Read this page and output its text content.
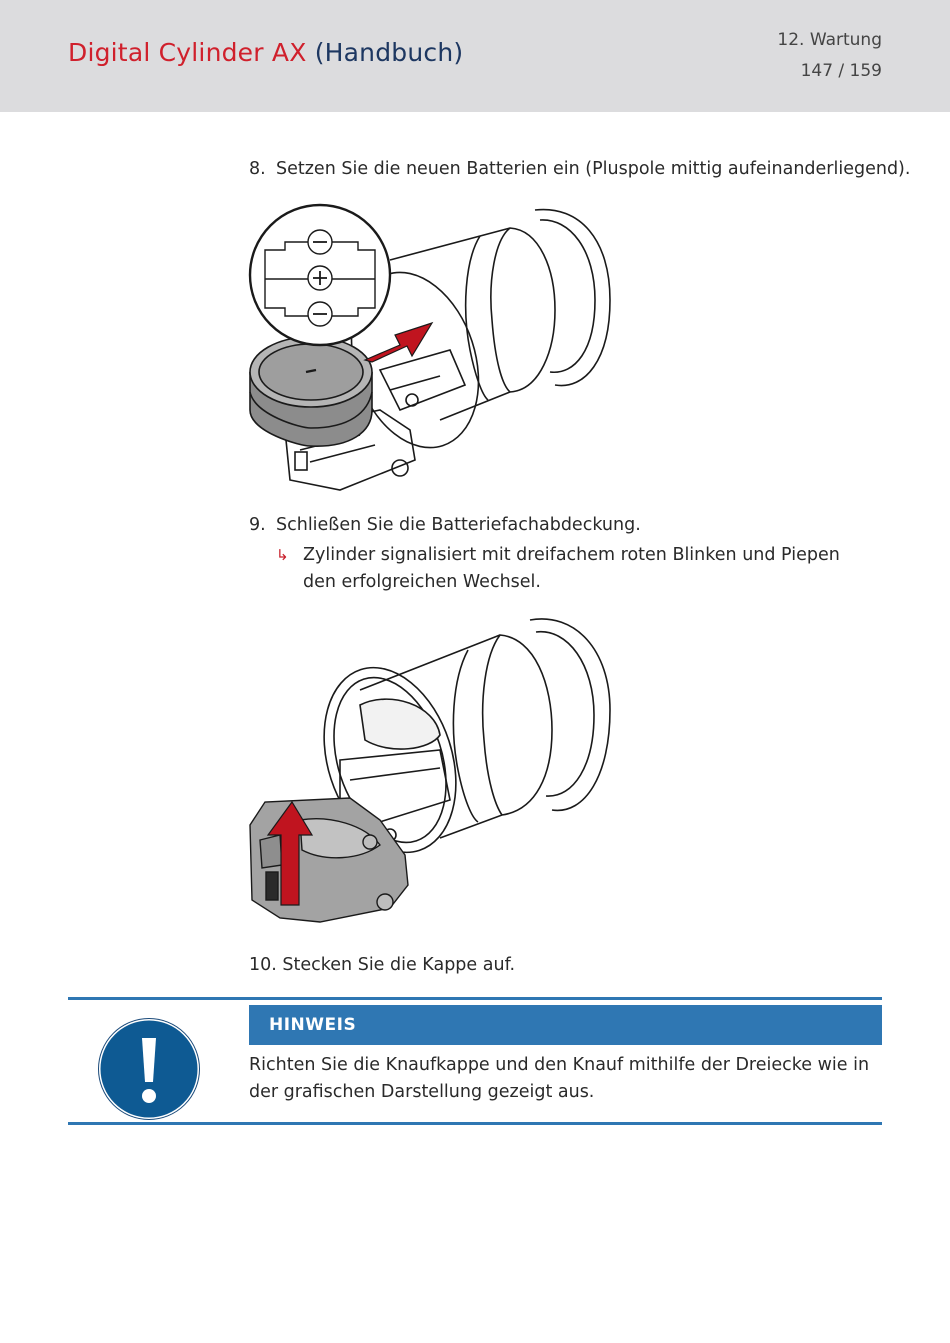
Digital Cylinder AX (Handbuch)	12. Wartung
147 / 159
8. Setzen Sie die neuen Batterien ein (Pluspole mittig aufeinanderliegend).
9. Schließen Sie die Batteriefachabdeckung.
↳ Zylinder signalisiert mit dreifachem roten Blinken und Piepen den erfolgreichen Wechsel.
10. Stecken Sie die Kappe auf.
HINWEIS
Richten Sie die Knaufkappe und den Knauf mithilfe der Dreiecke wie in der grafischen Darstellung gezeigt aus.
